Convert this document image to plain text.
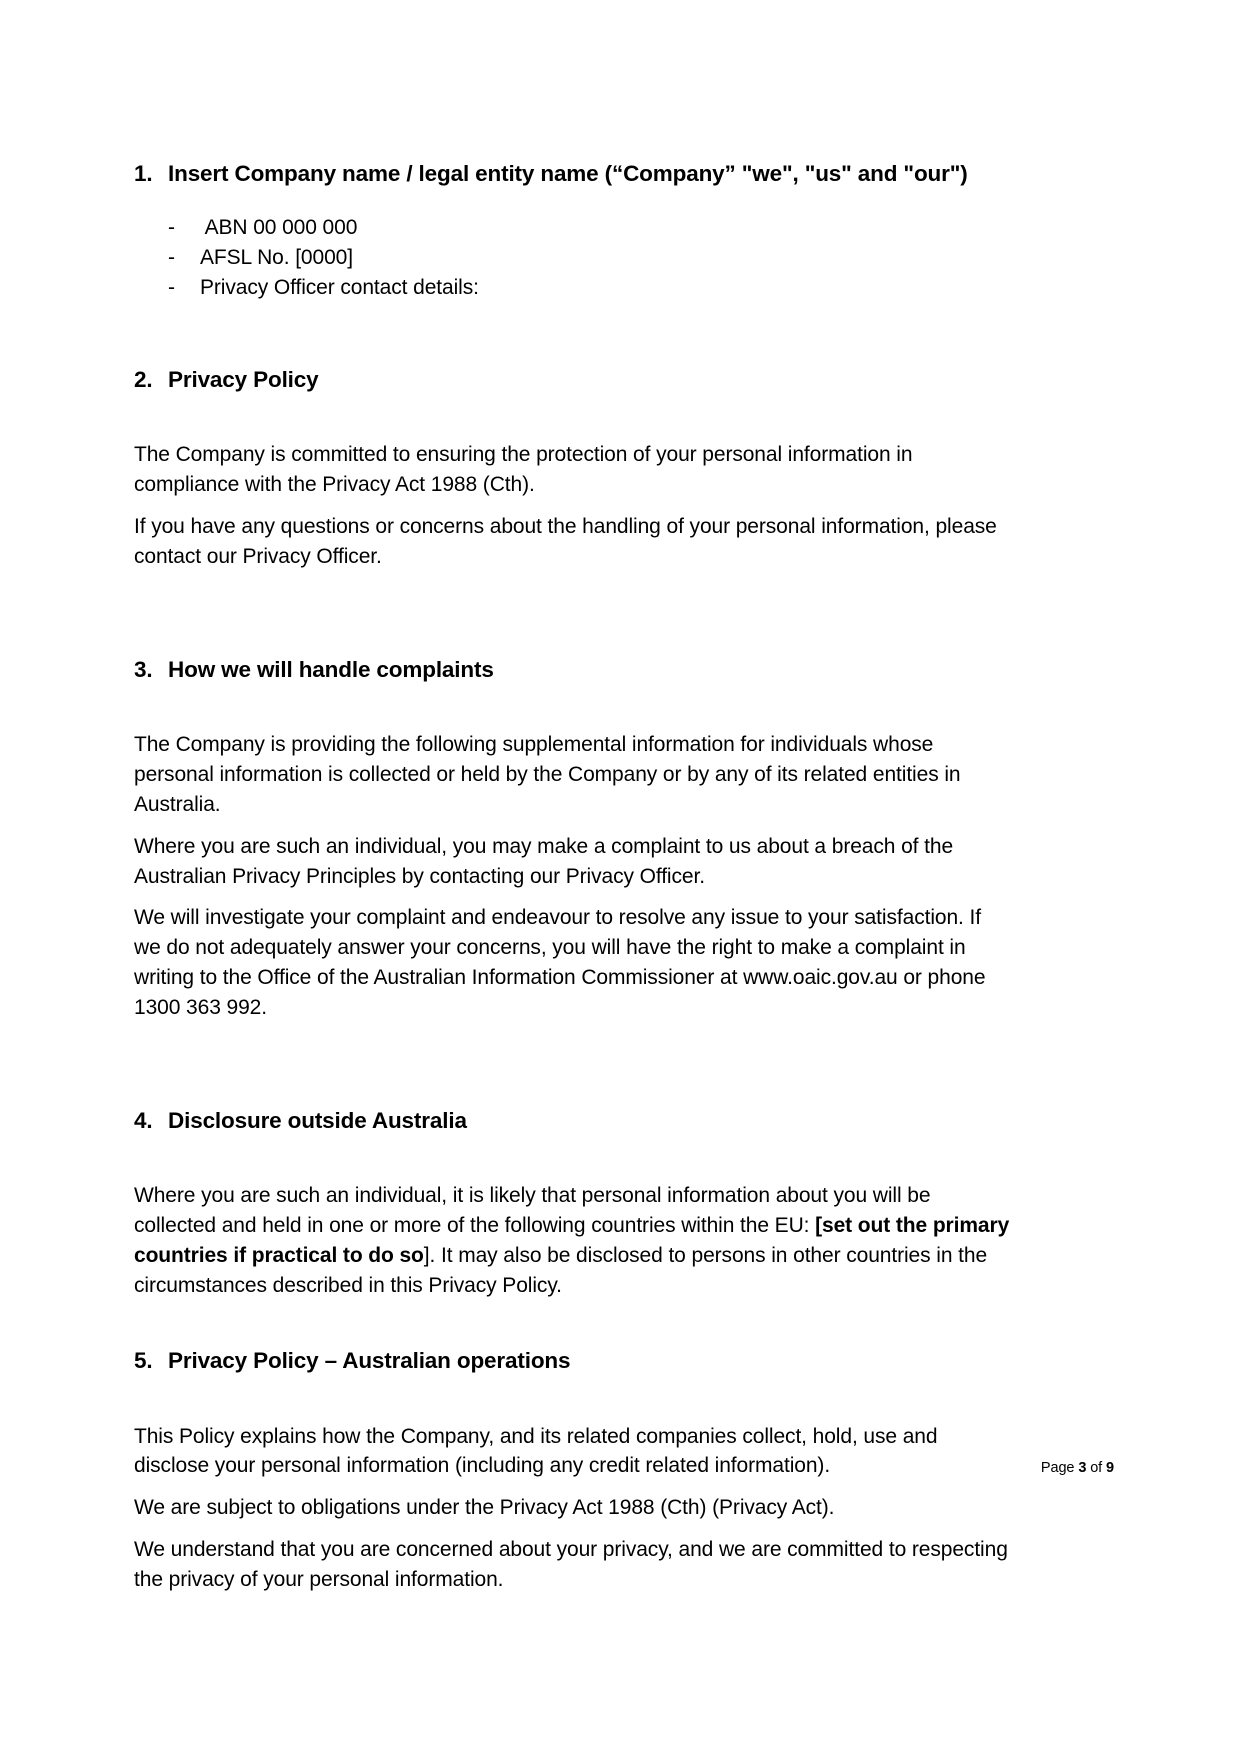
1. Insert Company name / legal entity name (“Company” "we", "us" and "our")
-	ABN 00 000 000
-	AFSL No. [0000]
-	Privacy Officer contact details:
2. Privacy Policy

The Company is committed to ensuring the protection of your personal information in compliance with the Privacy Act 1988 (Cth).

If you have any questions or concerns about the handling of your personal information, please contact our Privacy Officer.

3. How we will handle complaints

The Company is providing the following supplemental information for individuals whose personal information is collected or held by the Company or by any of its related entities in Australia.

Where you are such an individual, you may make a complaint to us about a breach of the Australian Privacy Principles by contacting our Privacy Officer.

We will investigate your complaint and endeavour to resolve any issue to your satisfaction. If we do not adequately answer your concerns, you will have the right to make a complaint in writing to the Office of the Australian Information Commissioner at www.oaic.gov.au or phone 1300 363 992.

4. Disclosure outside Australia

Where you are such an individual, it is likely that personal information about you will be collected and held in one or more of the following countries within the EU: [set out the primary countries if practical to do so]. It may also be disclosed to persons in other countries in the circumstances described in this Privacy Policy.

5. Privacy Policy – Australian operations

This Policy explains how the Company, and its related companies collect, hold, use and disclose your personal information (including any credit related information).

We are subject to obligations under the Privacy Act 1988 (Cth) (Privacy Act).

We understand that you are concerned about your privacy, and we are committed to respecting the privacy of your personal information.

Page 3 of 9
